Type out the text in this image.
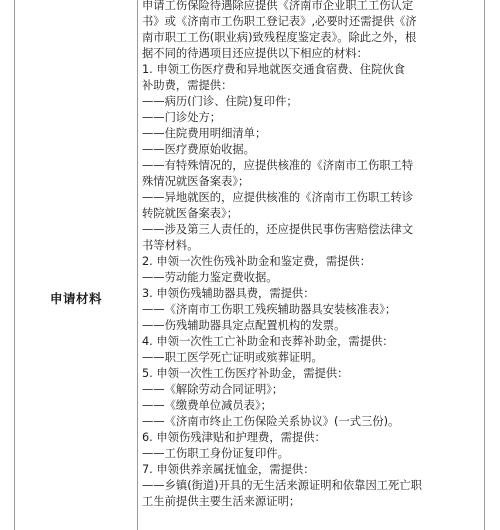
申请材料
申请工伤保险待遇除应提供《济南市企业职工工伤认定
书》或《济南市工伤职工登记表》,必要时还需提供《济
南市职工工伤(职业病)致残程度鉴定表》。除此之外，根
据不同的待遇项目还应提供以下相应的材料：
1. 申领工伤医疗费和异地就医交通食宿费、住院伙食
补助费，需提供：
——病历(门诊、住院)复印件；
——门诊处方；
——住院费用明细清单；
——医疗费原始收据。
——有特殊情况的，应提供核准的《济南市工伤职工特
殊情况就医备案表》；
——异地就医的，应提供核准的《济南市工伤职工转诊
转院就医备案表》；
——涉及第三人责任的，还应提供民事伤害赔偿法律文
书等材料。
2. 申领一次性伤残补助金和鉴定费，需提供：
——劳动能力鉴定费收据。
3. 申领伤残辅助器具费，需提供：
——《济南市工伤职工残疾辅助器具安装核准表》；
——伤残辅助器具定点配置机构的发票。
4. 申领一次性工亡补助金和丧葬补助金，需提供：
——职工医学死亡证明或殡葬证明。
5. 申领一次性工伤医疗补助金，需提供：
——《解除劳动合同证明》；
——《缴费单位减员表》；
——《济南市终止工伤保险关系协议》(一式三份)。
6. 申领伤残津贴和护理费，需提供：
——工伤职工身份证复印件。
7. 申领供养亲属抚恤金，需提供：
——乡镇(街道)开具的无生活来源证明和依靠因工死亡职
工生前提供主要生活来源证明；
